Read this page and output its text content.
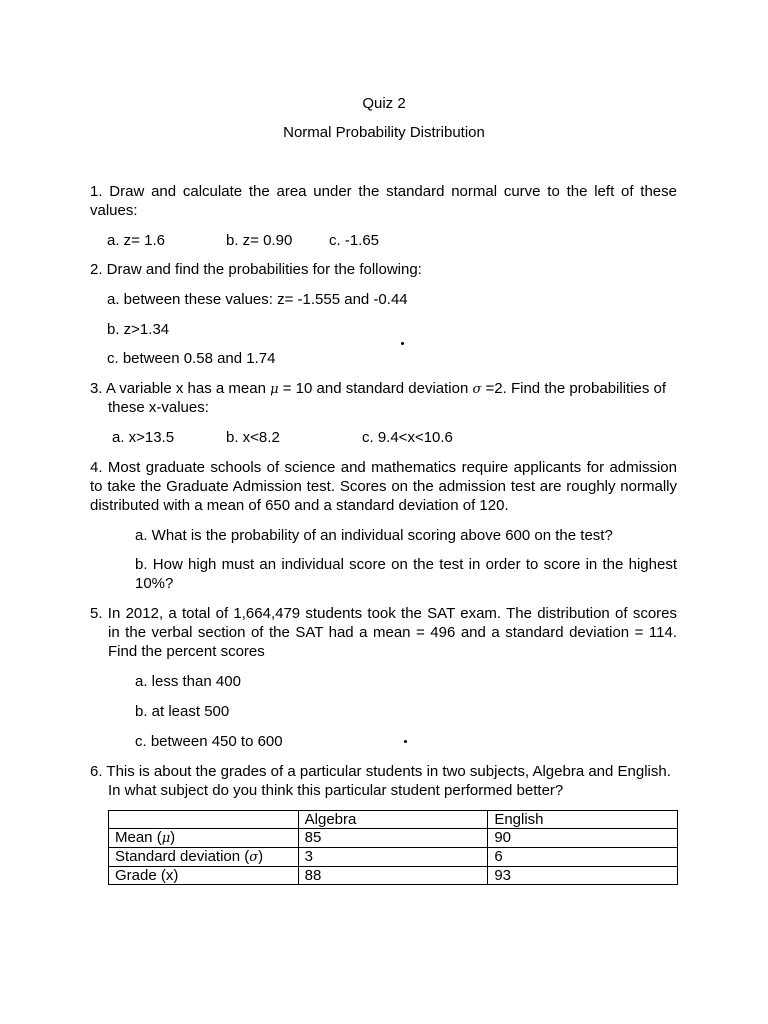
Quiz 2
Normal Probability Distribution
1. Draw and calculate the area under the standard normal curve to the left of these values:
a. z= 1.6	b. z= 0.90 c. -1.65
2. Draw and find the probabilities for the following:
a. between these values: z= -1.555 and -0.44
b. z>1.34
c. between 0.58 and 1.74
3. A variable x has a mean μ = 10 and standard deviation σ =2. Find the probabilities of
these x-values:
a. x>13.5	b. x<8.2	c. 9.4<x<10.6
4. Most graduate schools of science and mathematics require applicants for admission to take the Graduate Admission test. Scores on the admission test are roughly normally distributed with a mean of 650 and a standard deviation of 120.
a. What is the probability of an individual scoring above 600 on the test?
b. How high must an individual score on the test in order to score in the highest 10%?
5. In 2012, a total of 1,664,479 students took the SAT exam. The distribution of scores
in the verbal section of the SAT had a mean = 496 and a standard deviation = 114. Find the percent scores
a. less than 400
b. at least 500
c. between 450 to 600
6. This is about the grades of a particular students in two subjects, Algebra and English.
In what subject do you think this particular student performed better?
	Algebra	English
Mean (μ)	85	90
Standard deviation (σ)	3	6
Grade (x)	88	93
